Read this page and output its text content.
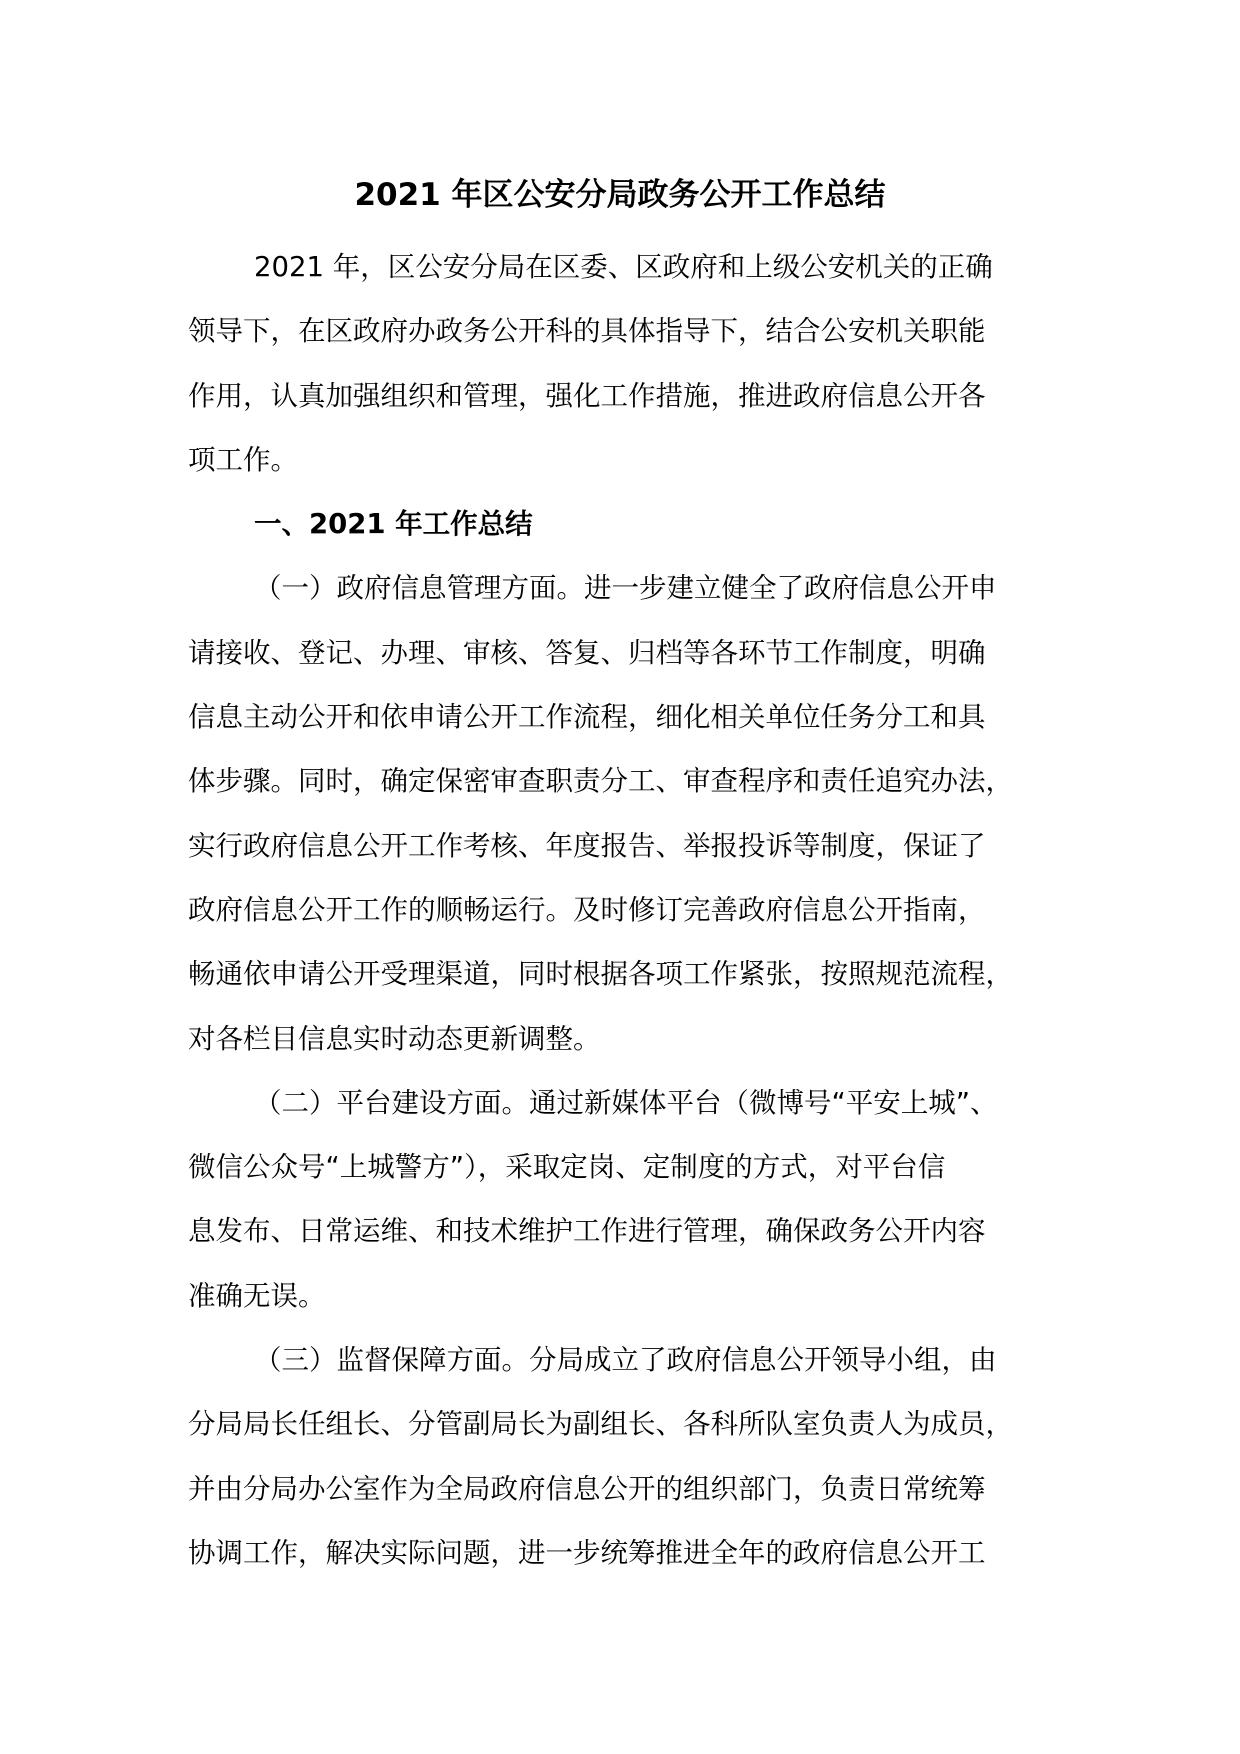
2021 年区公安分局政务公开工作总结

2021 年，区公安分局在区委、区政府和上级公安机关的正确

领导下，在区政府办政务公开科的具体指导下，结合公安机关职能

作用，认真加强组织和管理，强化工作措施，推进政府信息公开各

项工作。

一、2021 年工作总结

（一）政府信息管理方面。进一步建立健全了政府信息公开申

请接收、登记、办理、审核、答复、归档等各环节工作制度，明确

信息主动公开和依申请公开工作流程，细化相关单位任务分工和具

体步骤。同时，确定保密审查职责分工、审查程序和责任追究办法，

实行政府信息公开工作考核、年度报告、举报投诉等制度，保证了

政府信息公开工作的顺畅运行。及时修订完善政府信息公开指南，

畅通依申请公开受理渠道，同时根据各项工作紧张，按照规范流程，

对各栏目信息实时动态更新调整。

（二）平台建设方面。通过新媒体平台（微博号“平安上城”、

微信公众号“上城警方”），采取定岗、定制度的方式，对平台信

息发布、日常运维、和技术维护工作进行管理，确保政务公开内容

准确无误。

（三）监督保障方面。分局成立了政府信息公开领导小组，由

分局局长任组长、分管副局长为副组长、各科所队室负责人为成员，

并由分局办公室作为全局政府信息公开的组织部门，负责日常统筹

协调工作，解决实际问题，进一步统筹推进全年的政府信息公开工
